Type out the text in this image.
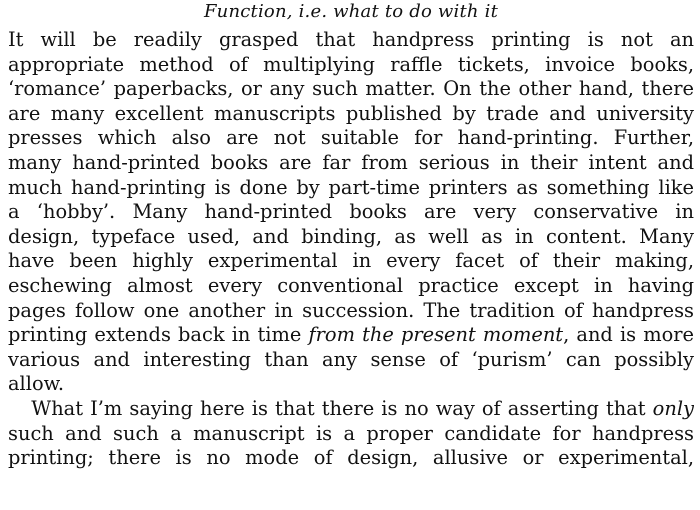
Function, i.e. what to do with it
It will be readily grasped that handpress printing is not an
appropriate method of multiplying raffle tickets, invoice books,
‘romance’ paperbacks, or any such matter. On the other hand, there
are many excellent manuscripts published by trade and university
presses which also are not suitable for hand-printing. Further,
many hand-printed books are far from serious in their intent and
much hand-printing is done by part-time printers as something like
a ‘hobby’. Many hand-printed books are very conservative in
design, typeface used, and binding, as well as in content. Many
have been highly experimental in every facet of their making,
eschewing almost every conventional practice except in having
pages follow one another in succession. The tradition of handpress
printing extends back in time from the present moment, and is more
various and interesting than any sense of ‘purism’ can possibly
allow.
What I’m saying here is that there is no way of asserting that only
such and such a manuscript is a proper candidate for handpress
printing; there is no mode of design, allusive or experimental,
